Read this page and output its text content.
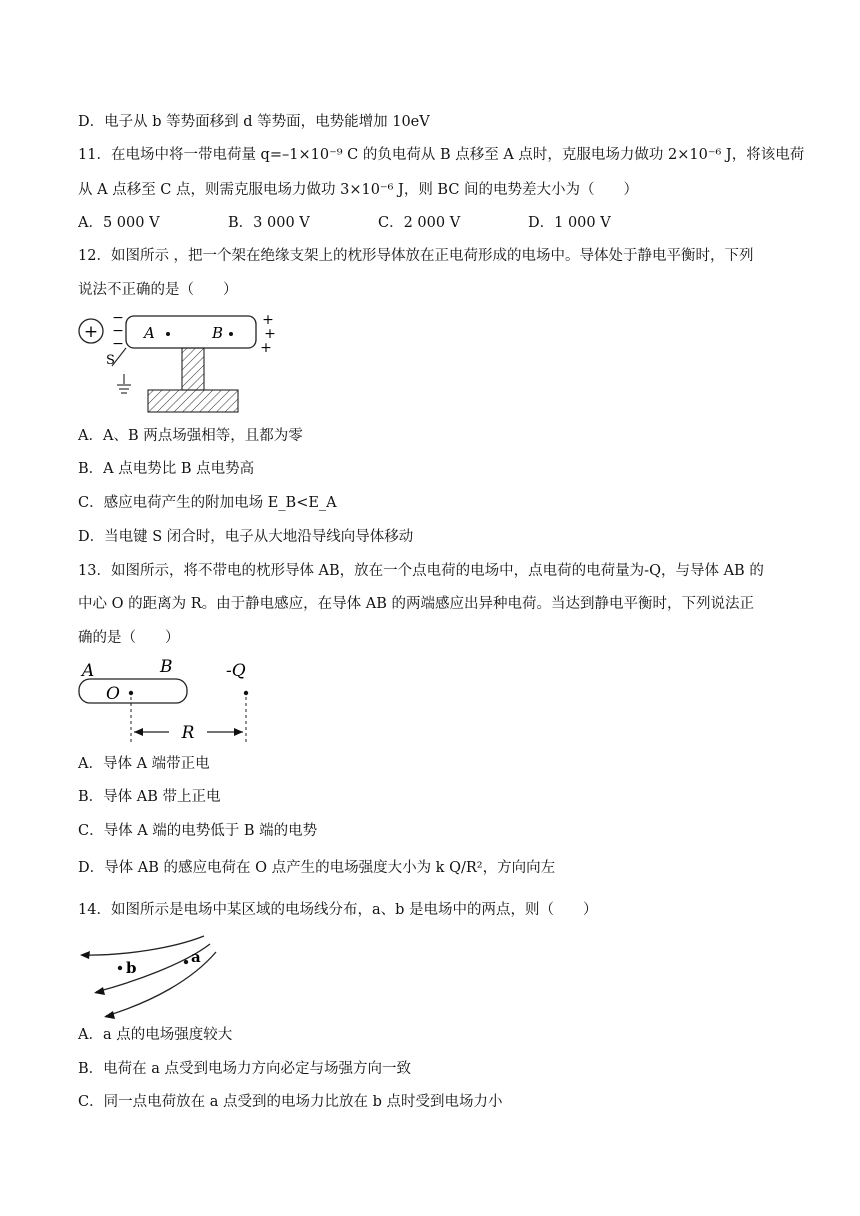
D．电子从 b 等势面移到 d 等势面，电势能增加 10eV
11．在电场中将一带电荷量 q=–1×10⁻⁹ C 的负电荷从 B 点移至 A 点时，克服电场力做功 2×10⁻⁶ J，将该电荷
从 A 点移至 C 点，则需克服电场力做功 3×10⁻⁶ J，则 BC 间的电势差大小为（　　）
A．5 000 V	B．3 000 V	C．2 000 V	D．1 000 V
12．如图所示 ，把一个架在绝缘支架上的枕形导体放在正电荷形成的电场中。导体处于静电平衡时，下列
说法不正确的是（　　）
+
−
−
−
A	B
+
+
+
S
A．A、B 两点场强相等，且都为零
B．A 点电势比 B 点电势高
C．感应电荷产生的附加电场 E_B<E_A
D．当电键 S 闭合时，电子从大地沿导线向导体移动
13．如图所示，将不带电的枕形导体 AB，放在一个点电荷的电场中，点电荷的电荷量为-Q，与导体 AB 的
中心 O 的距离为 R。由于静电感应，在导体 AB 的两端感应出异种电荷。当达到静电平衡时，下列说法正
确的是（　　）
A	B	-Q
O
R
A．导体 A 端带正电
B．导体 AB 带上正电
C．导体 A 端的电势低于 B 端的电势
D．导体 AB 的感应电荷在 O 点产生的电场强度大小为 k Q/R²，方向向左
14．如图所示是电场中某区域的电场线分布，a、b 是电场中的两点，则（　　）
b
a
A．a 点的电场强度较大
B．电荷在 a 点受到电场力方向必定与场强方向一致
C．同一点电荷放在 a 点受到的电场力比放在 b 点时受到电场力小
